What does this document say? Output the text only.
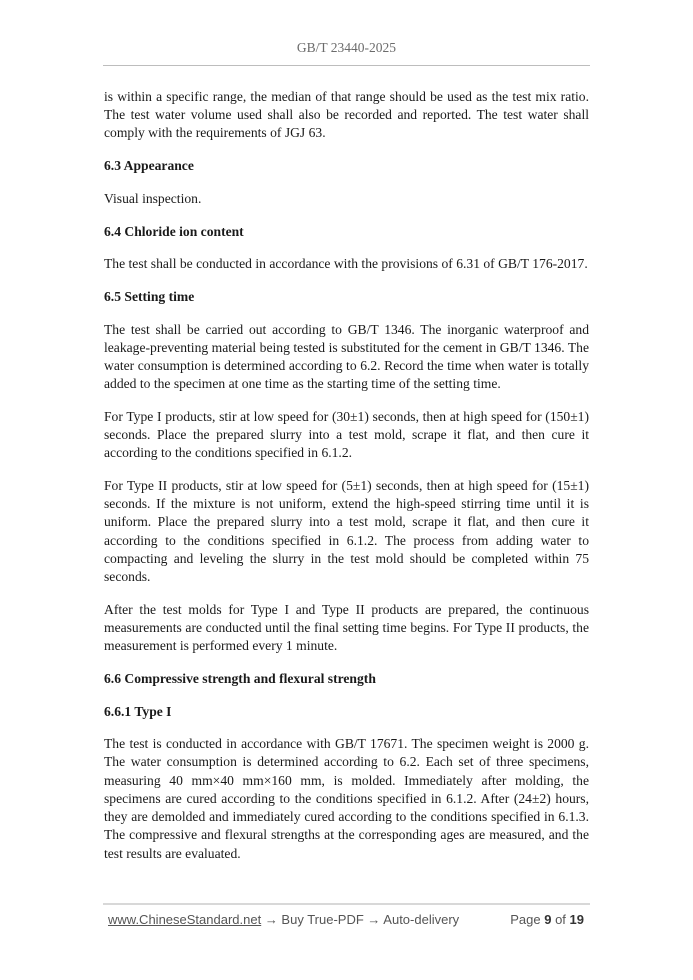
GB/T 23440-2025

is within a specific range, the median of that range should be used as the test mix ratio. The test water volume used shall also be recorded and reported. The test water shall comply with the requirements of JGJ 63.

6.3 Appearance

Visual inspection.

6.4 Chloride ion content

The test shall be conducted in accordance with the provisions of 6.31 of GB/T 176-2017.

6.5 Setting time

The test shall be carried out according to GB/T 1346. The inorganic waterproof and leakage-preventing material being tested is substituted for the cement in GB/T 1346. The water consumption is determined according to 6.2. Record the time when water is totally added to the specimen at one time as the starting time of the setting time.

For Type I products, stir at low speed for (30±1) seconds, then at high speed for (150±1) seconds. Place the prepared slurry into a test mold, scrape it flat, and then cure it according to the conditions specified in 6.1.2.

For Type II products, stir at low speed for (5±1) seconds, then at high speed for (15±1) seconds. If the mixture is not uniform, extend the high-speed stirring time until it is uniform. Place the prepared slurry into a test mold, scrape it flat, and then cure it according to the conditions specified in 6.1.2. The process from adding water to compacting and leveling the slurry in the test mold should be completed within 75 seconds.

After the test molds for Type I and Type II products are prepared, the continuous measurements are conducted until the final setting time begins. For Type II products, the measurement is performed every 1 minute.

6.6 Compressive strength and flexural strength
6.6.1 Type I

The test is conducted in accordance with GB/T 17671. The specimen weight is 2000 g. The water consumption is determined according to 6.2. Each set of three specimens, measuring 40 mm×40 mm×160 mm, is molded. Immediately after molding, the specimens are cured according to the conditions specified in 6.1.2. After (24±2) hours, they are demolded and immediately cured according to the conditions specified in 6.1.3. The compressive and flexural strengths at the corresponding ages are measured, and the test results are evaluated.

www.ChineseStandard.net → Buy True-PDF → Auto-delivery	Page 9 of 19
